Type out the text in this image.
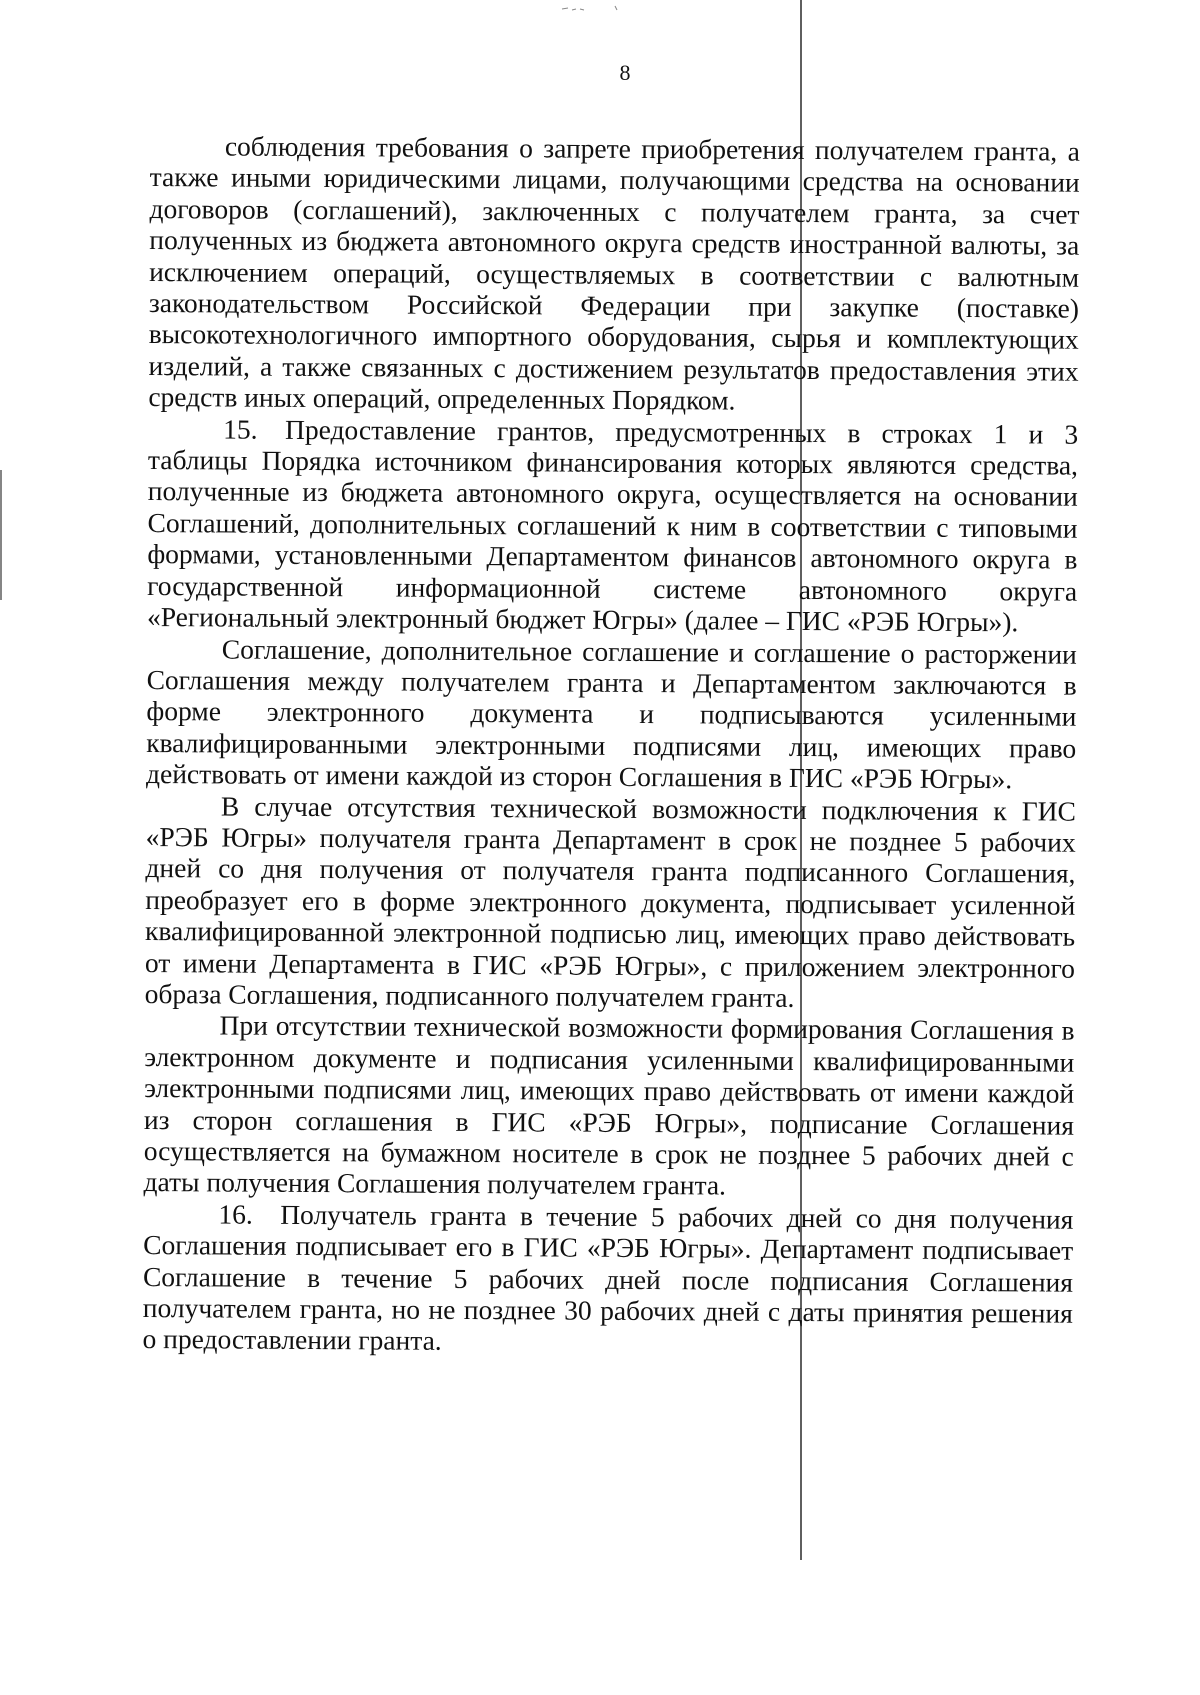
8

соблюдения требования о запрете приобретения получателем гранта, а также иными юридическими лицами, получающими средства на основании договоров (соглашений), заключенных с получателем гранта, за счет полученных из бюджета автономного округа средств иностранной валюты, за исключением операций, осуществляемых в соответствии с валютным законодательством Российской Федерации при закупке (поставке) высокотехнологичного импортного оборудования, сырья и комплектующих изделий, а также связанных с достижением результатов предоставления этих средств иных операций, определенных Порядком.

15. Предоставление грантов, предусмотренных в строках 1 и 3 таблицы Порядка источником финансирования которых являются средства, полученные из бюджета автономного округа, осуществляется на основании Соглашений, дополнительных соглашений к ним в соответствии с типовыми формами, установленными Департаментом финансов автономного округа в государственной информационной системе автономного округа «Региональный электронный бюджет Югры» (далее – ГИС «РЭБ Югры»).

Соглашение, дополнительное соглашение и соглашение о расторжении Соглашения между получателем гранта и Департаментом заключаются в форме электронного документа и подписываются усиленными квалифицированными электронными подписями лиц, имеющих право действовать от имени каждой из сторон Соглашения в ГИС «РЭБ Югры».

В случае отсутствия технической возможности подключения к ГИС «РЭБ Югры» получателя гранта Департамент в срок не позднее 5 рабочих дней со дня получения от получателя гранта подписанного Соглашения, преобразует его в форме электронного документа, подписывает усиленной квалифицированной электронной подписью лиц, имеющих право действовать от имени Департамента в ГИС «РЭБ Югры», с приложением электронного образа Соглашения, подписанного получателем гранта.

При отсутствии технической возможности формирования Соглашения в электронном документе и подписания усиленными квалифицированными электронными подписями лиц, имеющих право действовать от имени каждой из сторон соглашения в ГИС «РЭБ Югры», подписание Соглашения осуществляется на бумажном носителе в срок не позднее 5 рабочих дней с даты получения Соглашения получателем гранта.

16. Получатель гранта в течение 5 рабочих дней со дня получения Соглашения подписывает его в ГИС «РЭБ Югры». Департамент подписывает Соглашение в течение 5 рабочих дней после подписания Соглашения получателем гранта, но не позднее 30 рабочих дней с даты принятия решения о предоставлении гранта.
